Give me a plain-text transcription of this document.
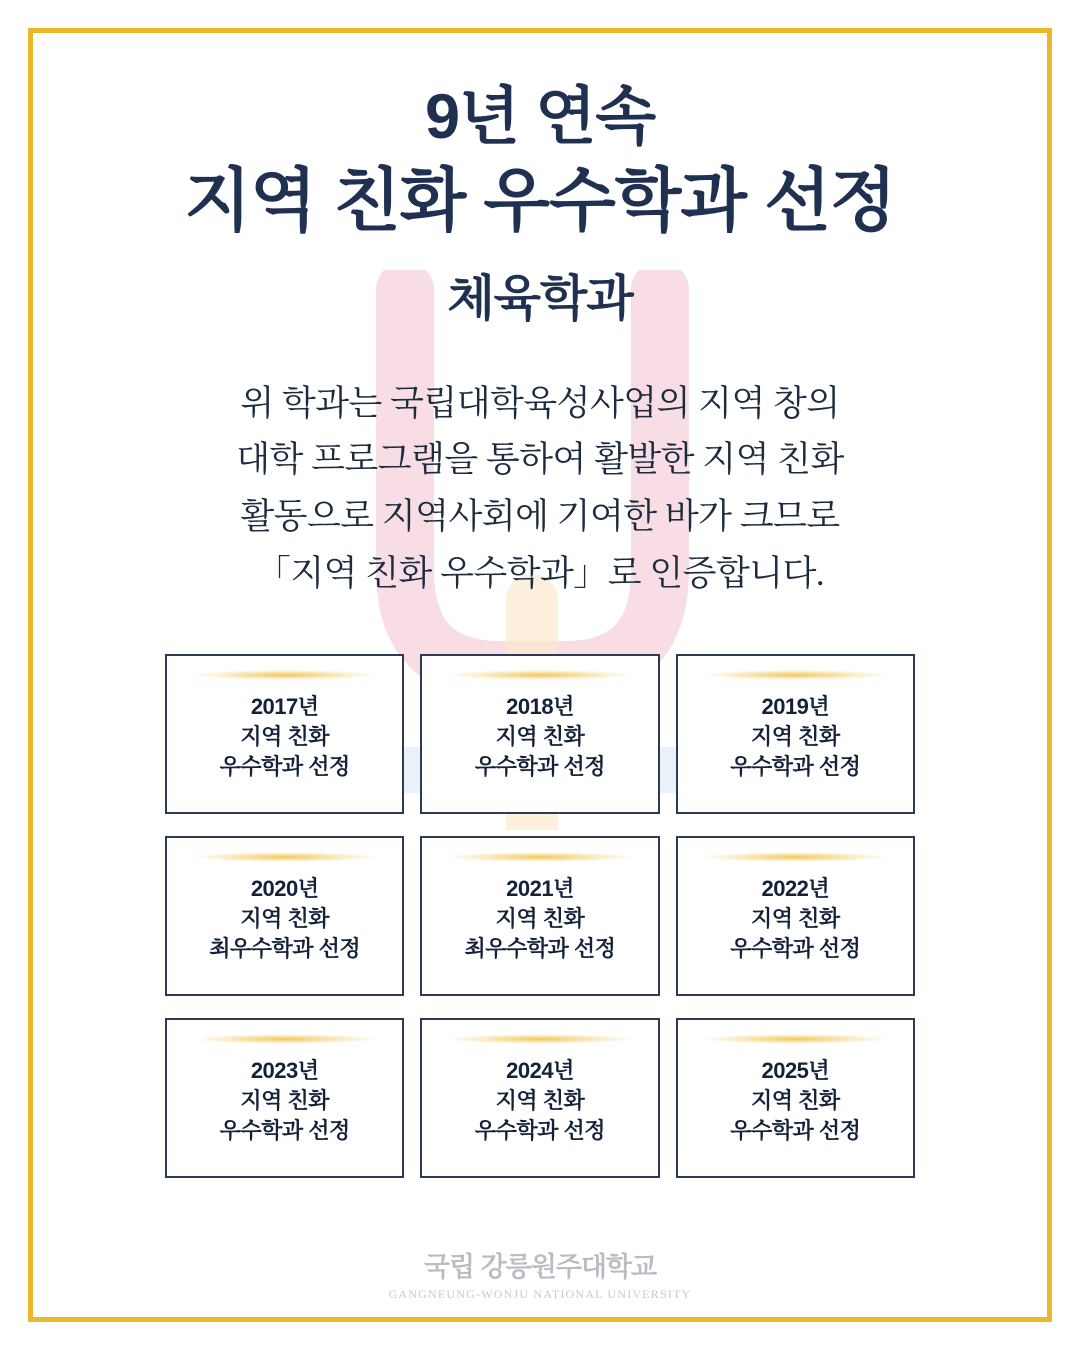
9년 연속
지역 친화 우수학과 선정
체육학과
위 학과는 국립대학육성사업의 지역 창의
대학 프로그램을 통하여 활발한 지역 친화
활동으로 지역사회에 기여한 바가 크므로
「지역 친화 우수학과」로 인증합니다.
2017년
지역 친화
우수학과 선정
2018년
지역 친화
우수학과 선정
2019년
지역 친화
우수학과 선정
2020년
지역 친화
최우수학과 선정
2021년
지역 친화
최우수학과 선정
2022년
지역 친화
우수학과 선정
2023년
지역 친화
우수학과 선정
2024년
지역 친화
우수학과 선정
2025년
지역 친화
우수학과 선정
국립 강릉원주대학교
GANGNEUNG-WONJU NATIONAL UNIVERSITY
